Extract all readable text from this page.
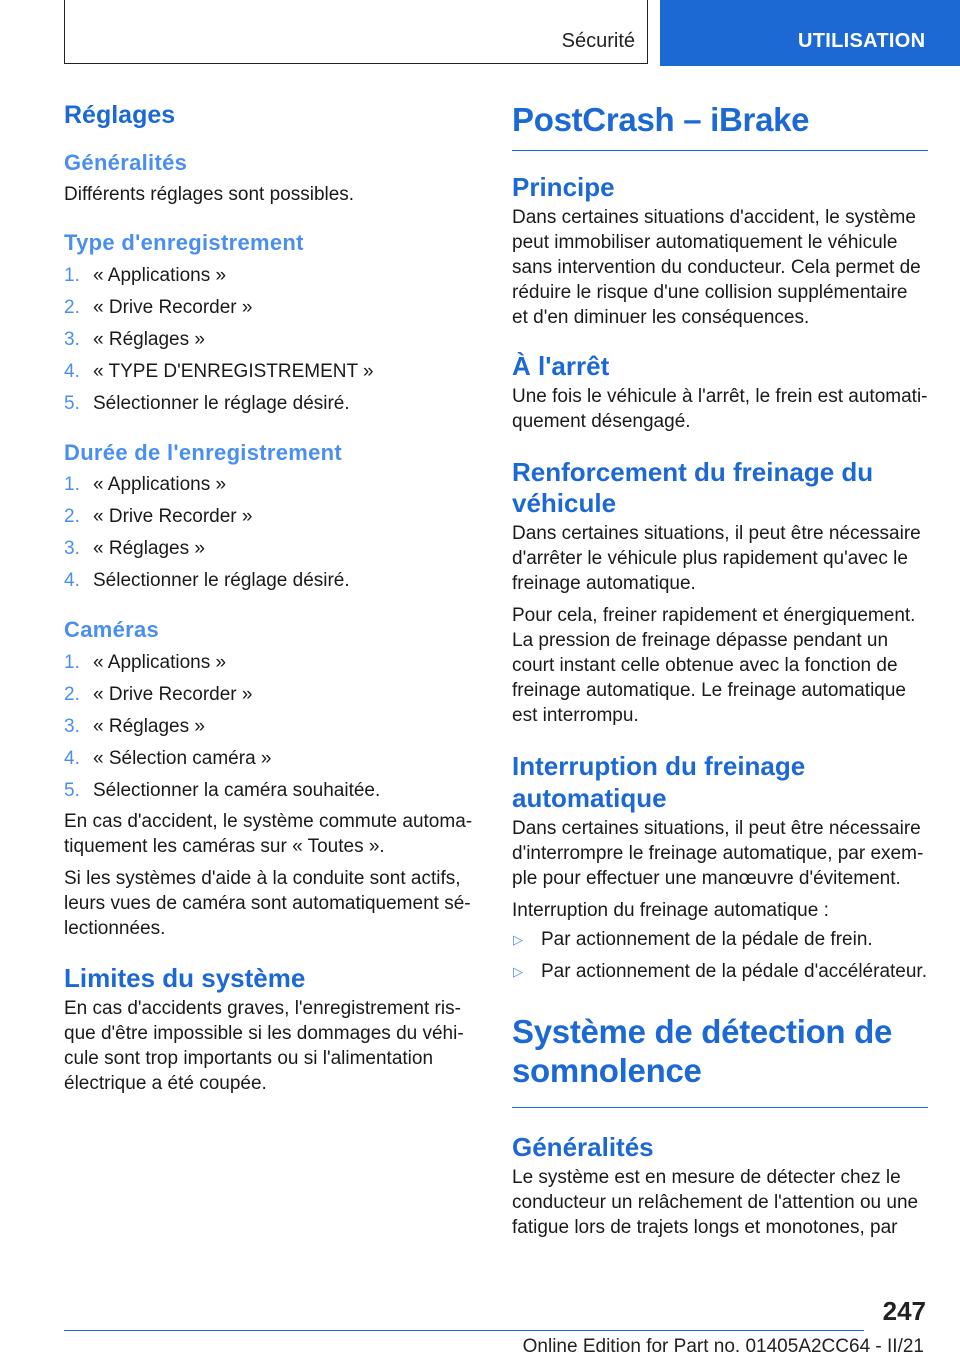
Sécurité	UTILISATION
Réglages
Généralités

Différents réglages sont possibles.

Type d'enregistrement
1. « Applications »
2. « Drive Recorder »
3. « Réglages »
4. « TYPE D'ENREGISTREMENT »
5. Sélectionner le réglage désiré.
Durée de l'enregistrement
1. « Applications »
2. « Drive Recorder »
3. « Réglages »
4. Sélectionner le réglage désiré.
Caméras
1. « Applications »
2. « Drive Recorder »
3. « Réglages »
4. « Sélection caméra »
5. Sélectionner la caméra souhaitée.

En cas d'accident, le système commute automa-tiquement les caméras sur « Toutes ».

Si les systèmes d'aide à la conduite sont actifs, leurs vues de caméra sont automatiquement sé-lectionnées.

Limites du système

En cas d'accidents graves, l'enregistrement ris-que d'être impossible si les dommages du véhi-cule sont trop importants ou si l'alimentation électrique a été coupée.

PostCrash – iBrake
Principe

Dans certaines situations d'accident, le système peut immobiliser automatiquement le véhicule sans intervention du conducteur. Cela permet de réduire le risque d'une collision supplémentaire et d'en diminuer les conséquences.

À l'arrêt

Une fois le véhicule à l'arrêt, le frein est automati-quement désengagé.

Renforcement du freinage du véhicule

Dans certaines situations, il peut être nécessaire d'arrêter le véhicule plus rapidement qu'avec le freinage automatique.

Pour cela, freiner rapidement et énergiquement. La pression de freinage dépasse pendant un court instant celle obtenue avec la fonction de freinage automatique. Le freinage automatique est interrompu.

Interruption du freinage automatique

Dans certaines situations, il peut être nécessaire d'interrompre le freinage automatique, par exem-ple pour effectuer une manœuvre d'évitement.

Interruption du freinage automatique :

▷ Par actionnement de la pédale de frein.
▷ Par actionnement de la pédale d'accélérateur.
Système de détection de somnolence
Généralités

Le système est en mesure de détecter chez le conducteur un relâchement de l'attention ou une fatigue lors de trajets longs et monotones, par

247
Online Edition for Part no. 01405A2CC64 - II/21
